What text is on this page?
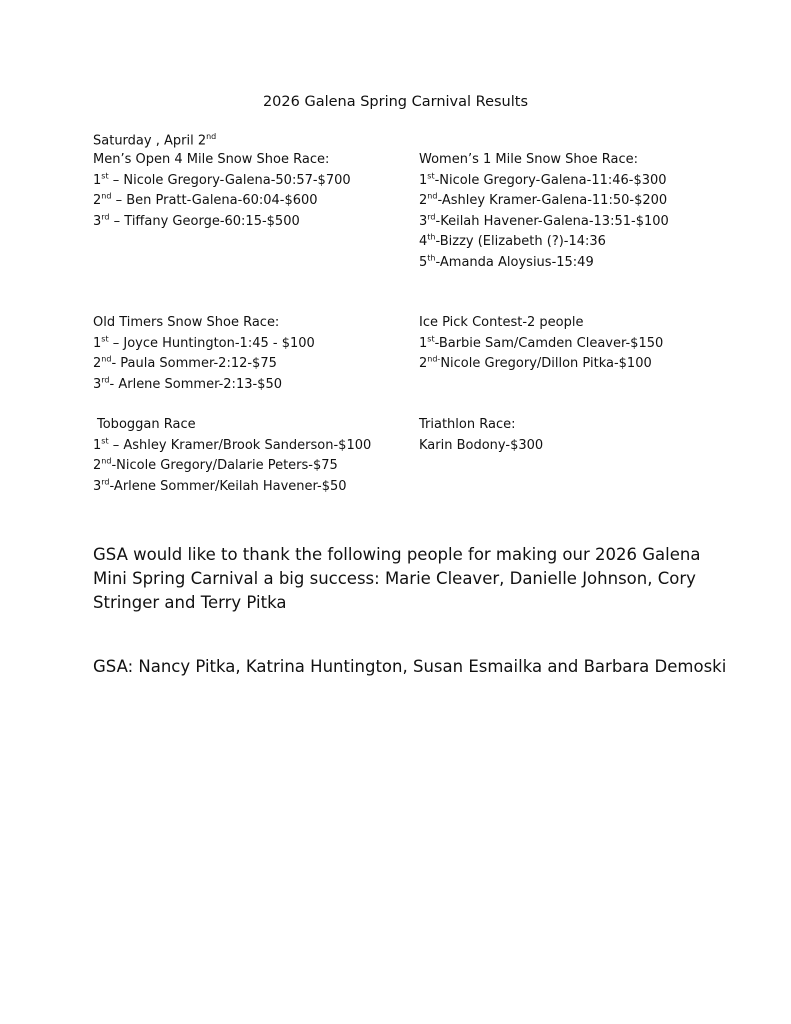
2026 Galena Spring Carnival Results
Saturday , April 2nd
Men’s Open 4 Mile Snow Shoe Race:
1st – Nicole Gregory-Galena-50:57-$700
2nd – Ben Pratt-Galena-60:04-$600
3rd – Tiffany George-60:15-$500
Women’s 1 Mile Snow Shoe Race:
1st-Nicole Gregory-Galena-11:46-$300
2nd-Ashley Kramer-Galena-11:50-$200
3rd-Keilah Havener-Galena-13:51-$100
4th-Bizzy (Elizabeth (?)-14:36
5th-Amanda Aloysius-15:49
Old Timers Snow Shoe Race:
1st – Joyce Huntington-1:45 - $100
2nd- Paula Sommer-2:12-$75
3rd- Arlene Sommer-2:13-$50
Ice Pick Contest-2 people
1st-Barbie Sam/Camden Cleaver-$150
$2^{nd-}Nicole$ Gregory/Dillon Pitka-$100
Toboggan Race
1st – Ashley Kramer/Brook Sanderson-$100
2nd-Nicole Gregory/Dalarie Peters-$75
3rd-Arlene Sommer/Keilah Havener-$50
Triathlon Race:
Karin Bodony-$300

GSA would like to thank the following people for making our 2026 Galena Mini Spring Carnival a big success: Marie Cleaver, Danielle Johnson, Cory Stringer and Terry Pitka

GSA: Nancy Pitka, Katrina Huntington, Susan Esmailka and Barbara Demoski
